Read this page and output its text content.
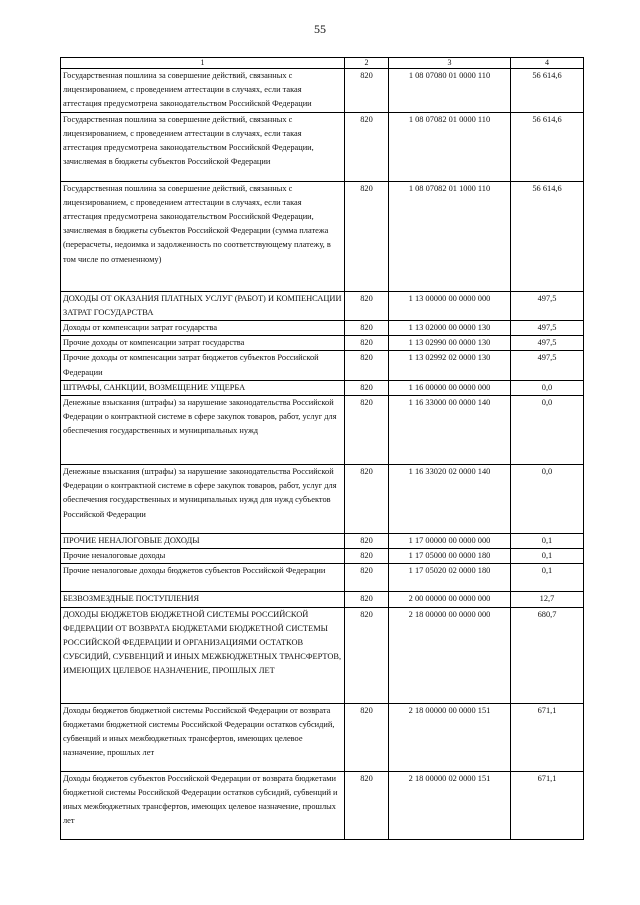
55
1	2	3	4
Государственная пошлина за совершение действий, связанных с лицензированием, с проведением аттестации в случаях, если такая аттестация предусмотрена законодательством Российской Федерации	820	1 08 07080 01 0000 110	56 614,6
Государственная пошлина за совершение действий, связанных с лицензированием, с проведением аттестации в случаях, если такая аттестация предусмотрена законодательством Российской Федерации, зачисляемая в бюджеты субъектов Российской Федерации	820	1 08 07082 01 0000 110	56 614,6
Государственная пошлина за совершение действий, связанных с лицензированием, с проведением аттестации в случаях, если такая аттестация предусмотрена законодательством Российской Федерации, зачисляемая в бюджеты субъектов Российской Федерации (сумма платежа (перерасчеты, недоимка и задолженность по соответствующему платежу, в том числе по отмененному)	820	1 08 07082 01 1000 110	56 614,6
ДОХОДЫ ОТ ОКАЗАНИЯ ПЛАТНЫХ УСЛУГ (РАБОТ) И КОМПЕНСАЦИИ ЗАТРАТ ГОСУДАРСТВА	820	1 13 00000 00 0000 000	497,5
Доходы от компенсации затрат государства	820	1 13 02000 00 0000 130	497,5
Прочие доходы от компенсации затрат государства	820	1 13 02990 00 0000 130	497,5
Прочие доходы от компенсации затрат бюджетов субъектов Российской Федерации	820	1 13 02992 02 0000 130	497,5
ШТРАФЫ, САНКЦИИ, ВОЗМЕЩЕНИЕ УЩЕРБА	820	1 16 00000 00 0000 000	0,0
Денежные взыскания (штрафы) за нарушение законодательства Российской Федерации о контрактной системе в сфере закупок товаров, работ, услуг для обеспечения государственных и муниципальных нужд	820	1 16 33000 00 0000 140	0,0
Денежные взыскания (штрафы) за нарушение законодательства Российской Федерации о контрактной системе в сфере закупок товаров, работ, услуг для обеспечения государственных и муниципальных нужд для нужд субъектов Российской Федерации	820	1 16 33020 02 0000 140	0,0
ПРОЧИЕ НЕНАЛОГОВЫЕ ДОХОДЫ	820	1 17 00000 00 0000 000	0,1
Прочие неналоговые доходы	820	1 17 05000 00 0000 180	0,1
Прочие неналоговые доходы бюджетов субъектов Российской Федерации	820	1 17 05020 02 0000 180	0,1
БЕЗВОЗМЕЗДНЫЕ ПОСТУПЛЕНИЯ	820	2 00 00000 00 0000 000	12,7
ДОХОДЫ БЮДЖЕТОВ БЮДЖЕТНОЙ СИСТЕМЫ РОССИЙСКОЙ ФЕДЕРАЦИИ ОТ ВОЗВРАТА БЮДЖЕТАМИ БЮДЖЕТНОЙ СИСТЕМЫ РОССИЙСКОЙ ФЕДЕРАЦИИ И ОРГАНИЗАЦИЯМИ ОСТАТКОВ СУБСИДИЙ, СУБВЕНЦИЙ И ИНЫХ МЕЖБЮДЖЕТНЫХ ТРАНСФЕРТОВ, ИМЕЮЩИХ ЦЕЛЕВОЕ НАЗНАЧЕНИЕ, ПРОШЛЫХ ЛЕТ	820	2 18 00000 00 0000 000	680,7
Доходы бюджетов бюджетной системы Российской Федерации от возврата бюджетами бюджетной системы Российской Федерации остатков субсидий, субвенций и иных межбюджетных трансфертов, имеющих целевое назначение, прошлых лет	820	2 18 00000 00 0000 151	671,1
Доходы бюджетов субъектов Российской Федерации от возврата бюджетами бюджетной системы Российской Федерации остатков субсидий, субвенций и иных межбюджетных трансфертов, имеющих целевое назначение, прошлых лет	820	2 18 00000 02 0000 151	671,1
